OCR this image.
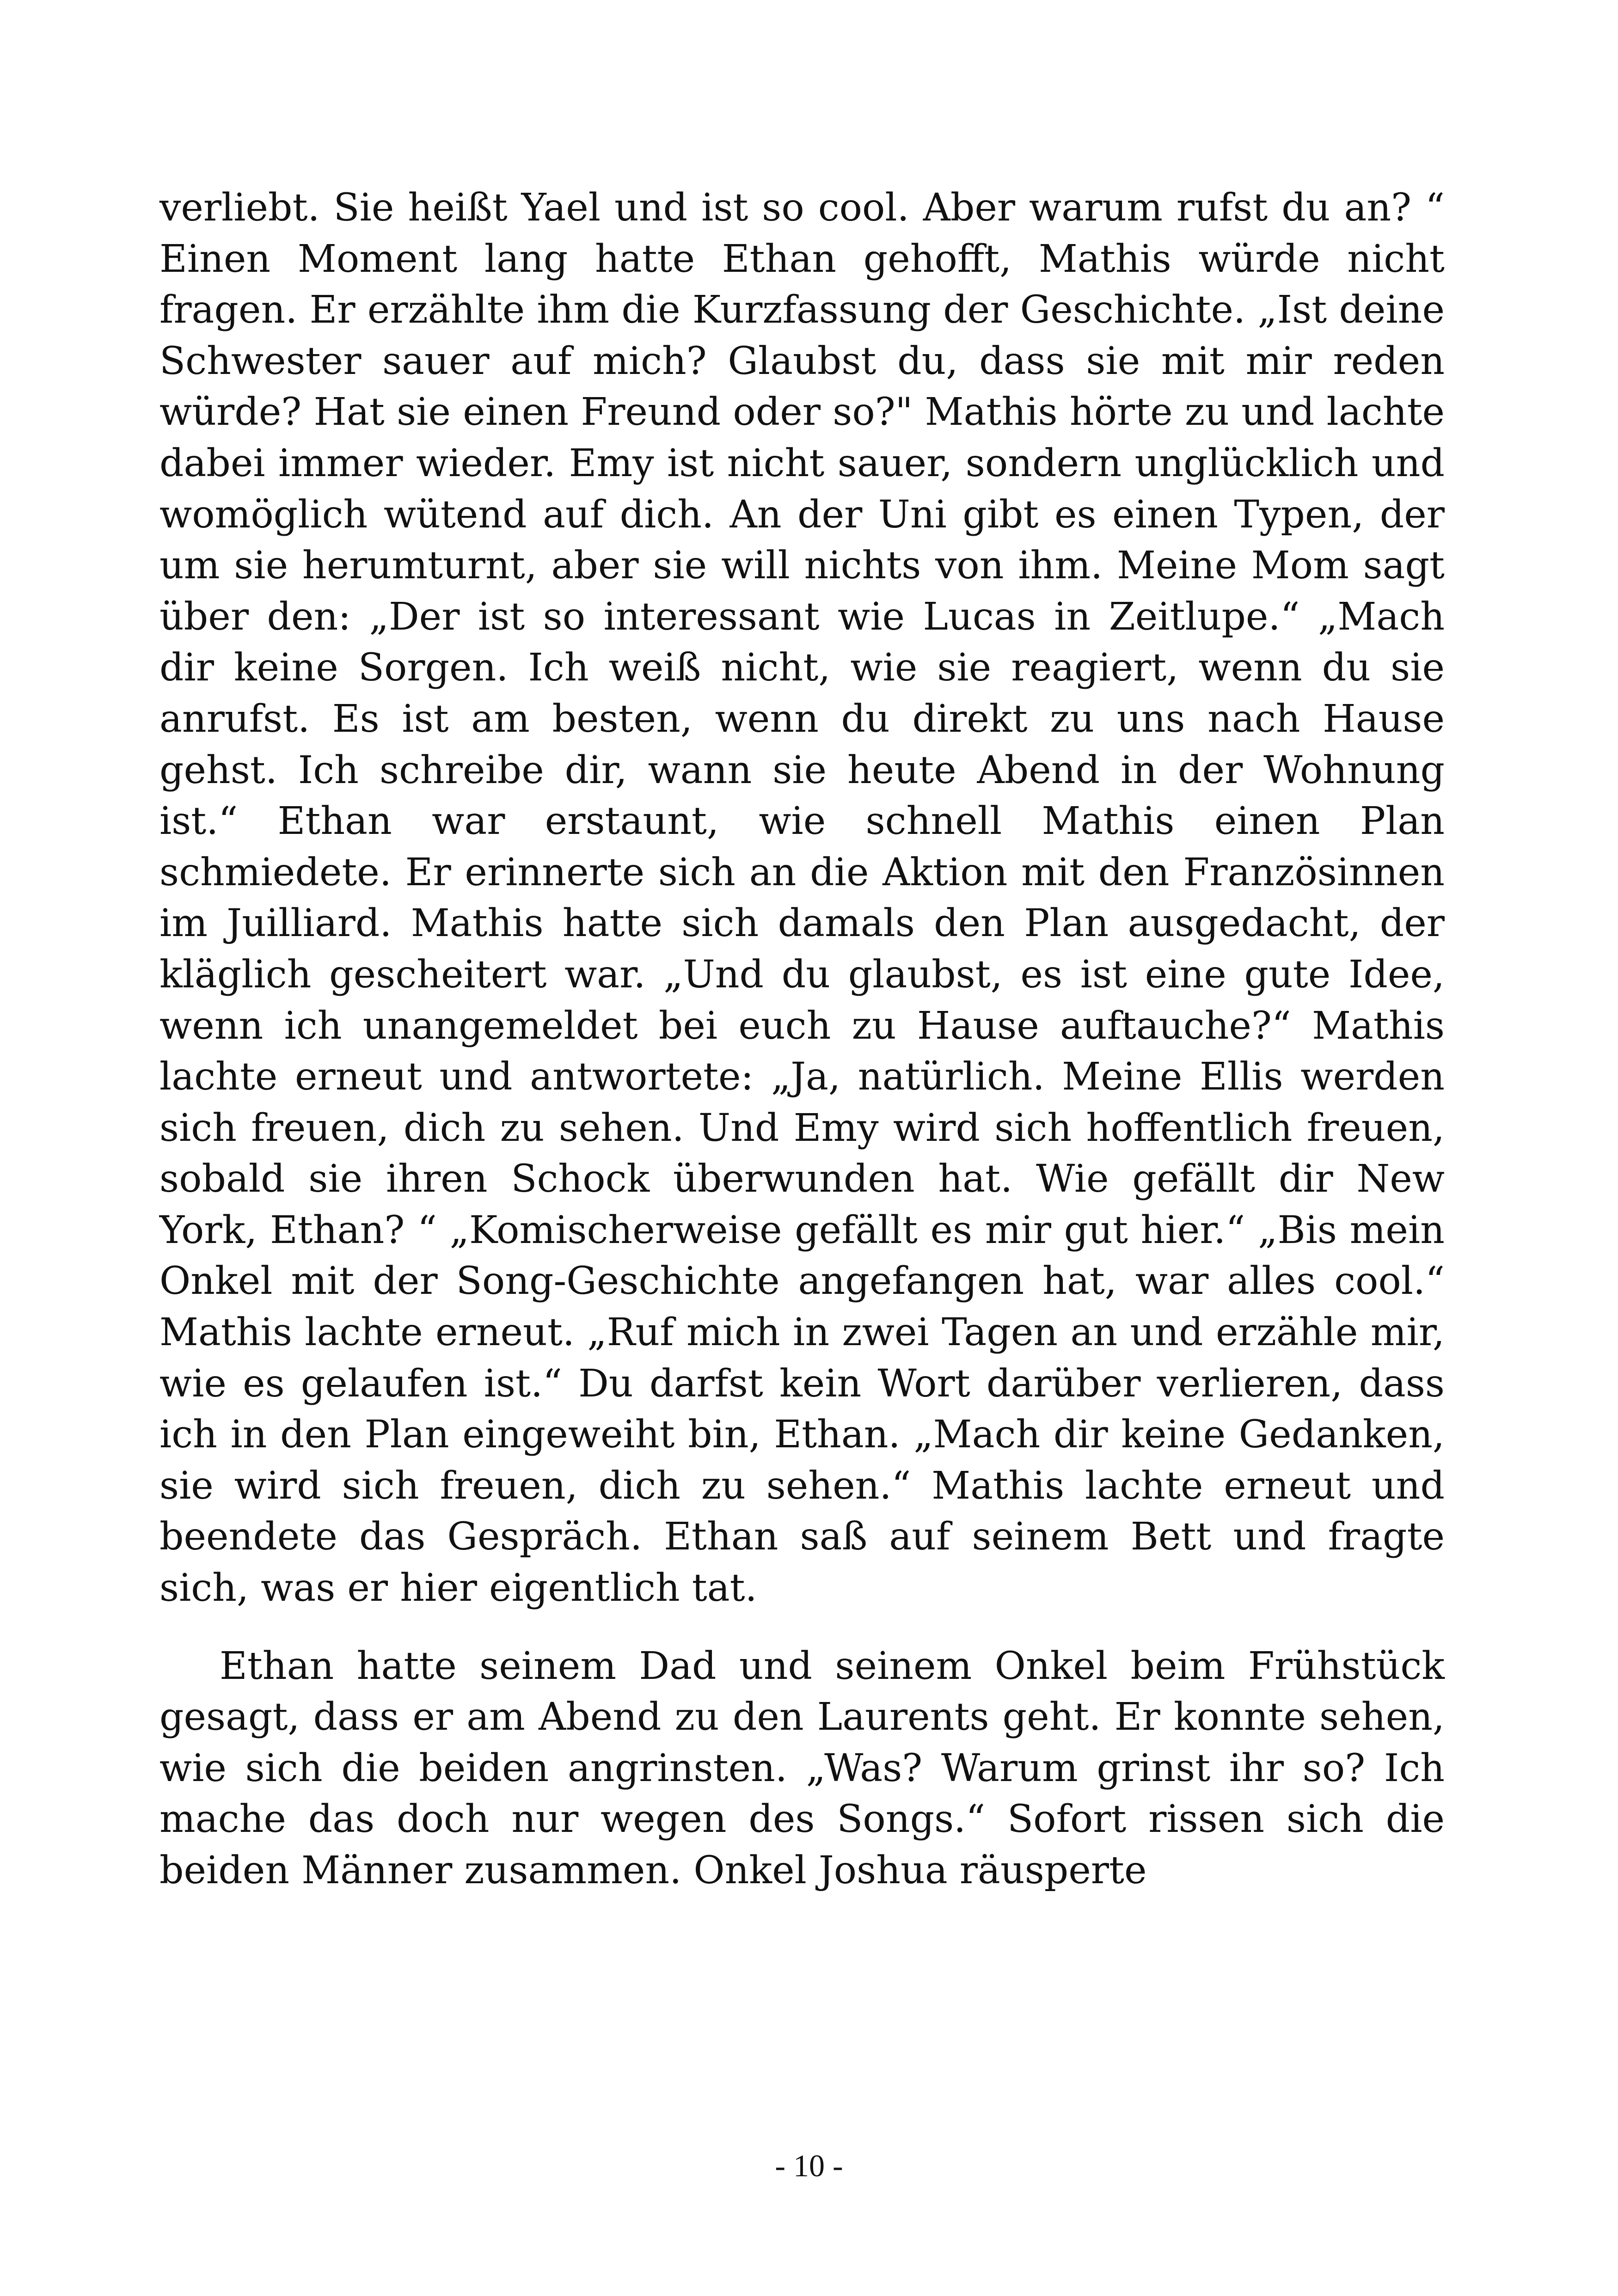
verliebt. Sie heißt Yael und ist so cool. Aber warum rufst du an? “ Einen Moment lang hatte Ethan gehofft, Mathis würde nicht fragen. Er erzählte ihm die Kurzfassung der Geschichte. „Ist deine Schwester sauer auf mich? Glaubst du, dass sie mit mir reden würde? Hat sie einen Freund oder so?" Mathis hörte zu und lachte dabei immer wieder. Emy ist nicht sauer, sondern unglücklich und womöglich wütend auf dich. An der Uni gibt es einen Typen, der um sie herumturnt, aber sie will nichts von ihm. Meine Mom sagt über den: „Der ist so interessant wie Lucas in Zeitlupe.“ „Mach dir keine Sorgen. Ich weiß nicht, wie sie reagiert, wenn du sie anrufst. Es ist am besten, wenn du direkt zu uns nach Hause gehst. Ich schreibe dir, wann sie heute Abend in der Wohnung ist.“ Ethan war erstaunt, wie schnell Mathis einen Plan schmiedete. Er erinnerte sich an die Aktion mit den Französinnen im Juilliard. Mathis hatte sich damals den Plan ausgedacht, der kläglich gescheitert war. „Und du glaubst, es ist eine gute Idee, wenn ich unangemeldet bei euch zu Hause auftauche?“ Mathis lachte erneut und antwortete: „Ja, natürlich. Meine Ellis werden sich freuen, dich zu sehen. Und Emy wird sich hoffentlich freuen, sobald sie ihren Schock überwunden hat. Wie gefällt dir New York, Ethan? “ „Komischerweise gefällt es mir gut hier.“ „Bis mein Onkel mit der Song-Geschichte angefangen hat, war alles cool.“ Mathis lachte erneut. „Ruf mich in zwei Tagen an und erzähle mir, wie es gelaufen ist.“ Du darfst kein Wort darüber verlieren, dass ich in den Plan eingeweiht bin, Ethan. „Mach dir keine Gedanken, sie wird sich freuen, dich zu sehen.“ Mathis lachte erneut und beendete das Gespräch. Ethan saß auf seinem Bett und fragte sich, was er hier eigentlich tat.

Ethan hatte seinem Dad und seinem Onkel beim Frühstück gesagt, dass er am Abend zu den Laurents geht. Er konnte sehen, wie sich die beiden angrinsten. „Was? Warum grinst ihr so? Ich mache das doch nur wegen des Songs.“ Sofort rissen sich die beiden Männer zusammen. Onkel Joshua räusperte

- 10 -
